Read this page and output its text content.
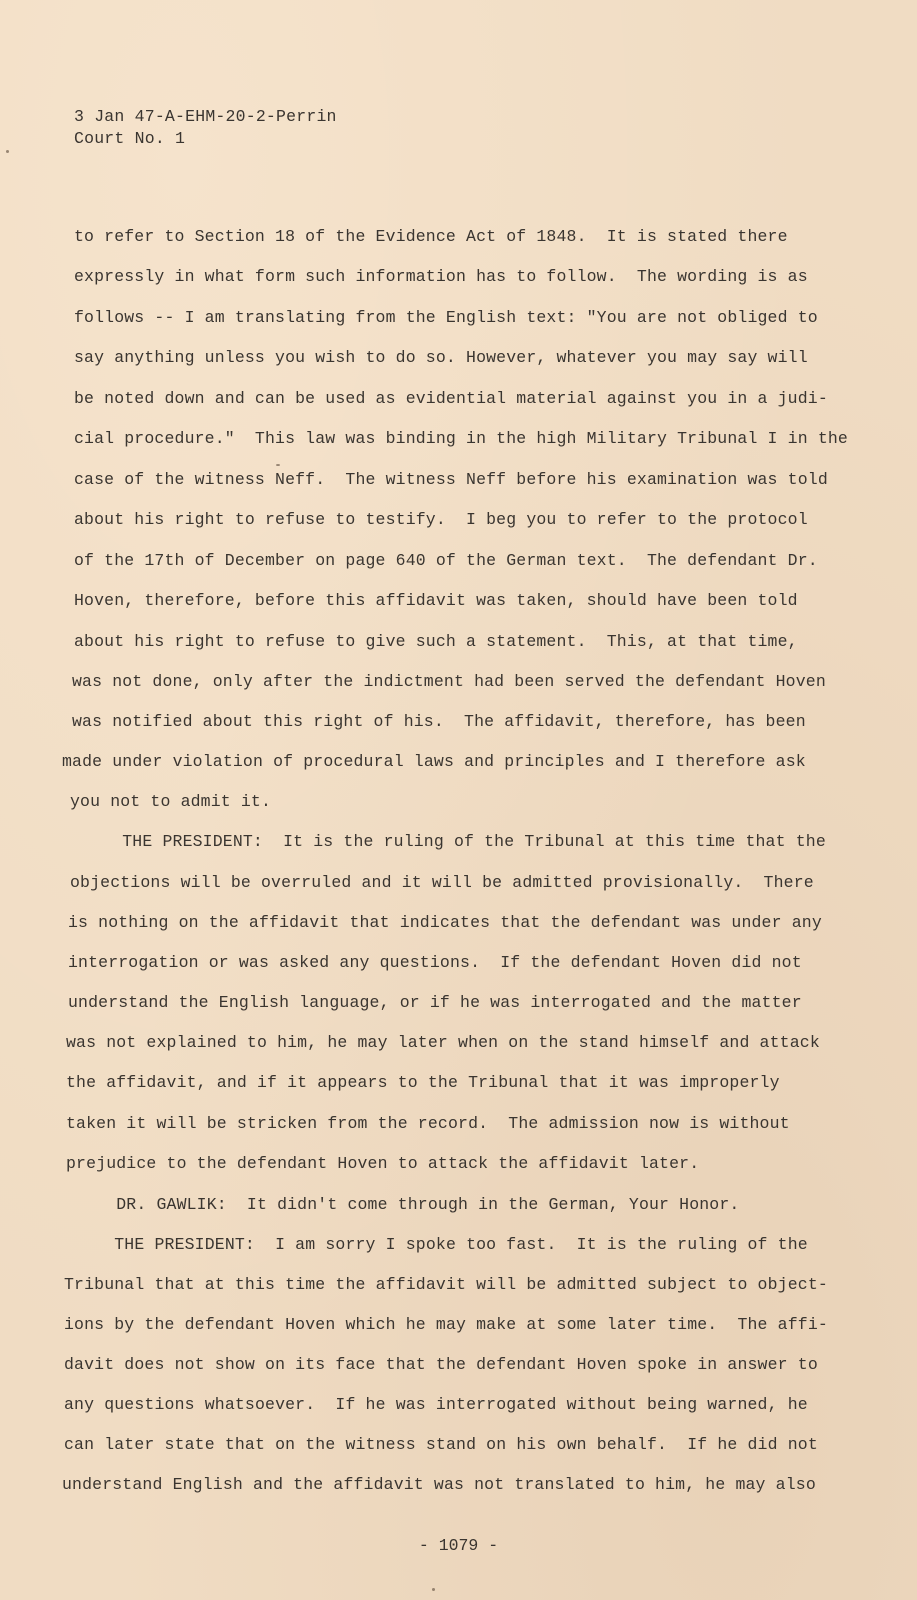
3 Jan 47-A-EHM-20-2-Perrin
Court No. 1
to refer to Section 18 of the Evidence Act of 1848.  It is stated there
expressly in what form such information has to follow.  The wording is as
follows -- I am translating from the English text: "You are not obliged to
say anything unless you wish to do so. However, whatever you may say will
be noted down and can be used as evidential material against you in a judi-
cial procedure."  This law was binding in the high Military Tribunal I in the
case of the witness Neff.  The witness Neff before his examination was told
about his right to refuse to testify.  I beg you to refer to the protocol
of the 17th of December on page 640 of the German text.  The defendant Dr.
Hoven, therefore, before this affidavit was taken, should have been told
about his right to refuse to give such a statement.  This, at that time,
was not done, only after the indictment had been served the defendant Hoven
was notified about this right of his.  The affidavit, therefore, has been
made under violation of procedural laws and principles and I therefore ask
you not to admit it.
THE PRESIDENT:  It is the ruling of the Tribunal at this time that the
objections will be overruled and it will be admitted provisionally.  There
is nothing on the affidavit that indicates that the defendant was under any
interrogation or was asked any questions.  If the defendant Hoven did not
understand the English language, or if he was interrogated and the matter
was not explained to him, he may later when on the stand himself and attack
the affidavit, and if it appears to the Tribunal that it was improperly
taken it will be stricken from the record.  The admission now is without
prejudice to the defendant Hoven to attack the affidavit later.
DR. GAWLIK:  It didn't come through in the German, Your Honor.
THE PRESIDENT:  I am sorry I spoke too fast.  It is the ruling of the
Tribunal that at this time the affidavit will be admitted subject to object-
ions by the defendant Hoven which he may make at some later time.  The affi-
davit does not show on its face that the defendant Hoven spoke in answer to
any questions whatsoever.  If he was interrogated without being warned, he
can later state that on the witness stand on his own behalf.  If he did not
understand English and the affidavit was not translated to him, he may also
- 1079 -
